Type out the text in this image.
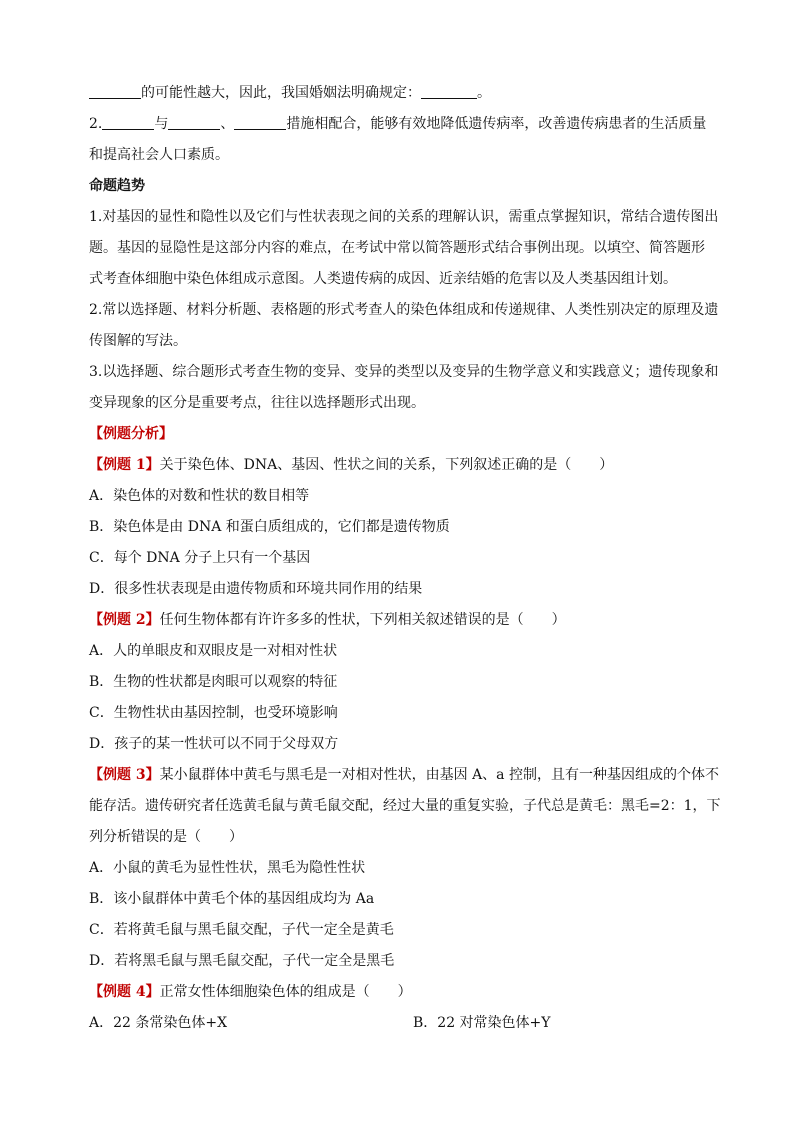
的可能性越大，因此，我国婚姻法明确规定：	。
2.	与	、	措施相配合，能够有效地降低遗传病率，改善遗传病患者的生活质量
和提高社会人口素质。
命题趋势
1.对基因的显性和隐性以及它们与性状表现之间的关系的理解认识，需重点掌握知识，常结合遗传图出
题。基因的显隐性是这部分内容的难点，在考试中常以简答题形式结合事例出现。以填空、简答题形
式考查体细胞中染色体组成示意图。人类遗传病的成因、近亲结婚的危害以及人类基因组计划。
2.常以选择题、材料分析题、表格题的形式考查人的染色体组成和传递规律、人类性别决定的原理及遗
传图解的写法。
3.以选择题、综合题形式考查生物的变异、变异的类型以及变异的生物学意义和实践意义；遗传现象和
变异现象的区分是重要考点，往往以选择题形式出现。
【例题分析】
【例题 1】关于染色体、DNA、基因、性状之间的关系，下列叙述正确的是（　　）
A．染色体的对数和性状的数目相等
B．染色体是由 DNA 和蛋白质组成的，它们都是遗传物质
C．每个 DNA 分子上只有一个基因
D．很多性状表现是由遗传物质和环境共同作用的结果
【例题 2】任何生物体都有许许多多的性状，下列相关叙述错误的是（　　）
A．人的单眼皮和双眼皮是一对相对性状
B．生物的性状都是肉眼可以观察的特征
C．生物性状由基因控制，也受环境影响
D．孩子的某一性状可以不同于父母双方
【例题 3】某小鼠群体中黄毛与黑毛是一对相对性状，由基因 A、a 控制，且有一种基因组成的个体不
能存活。遗传研究者任选黄毛鼠与黄毛鼠交配，经过大量的重复实验，子代总是黄毛：黑毛=2：1，下
列分析错误的是（　　）
A．小鼠的黄毛为显性性状，黑毛为隐性性状
B．该小鼠群体中黄毛个体的基因组成均为 Aa
C．若将黄毛鼠与黑毛鼠交配，子代一定全是黄毛
D．若将黑毛鼠与黑毛鼠交配，子代一定全是黑毛
【例题 4】正常女性体细胞染色体的组成是（　　）
A．22 条常染色体+X	B．22 对常染色体+Y
